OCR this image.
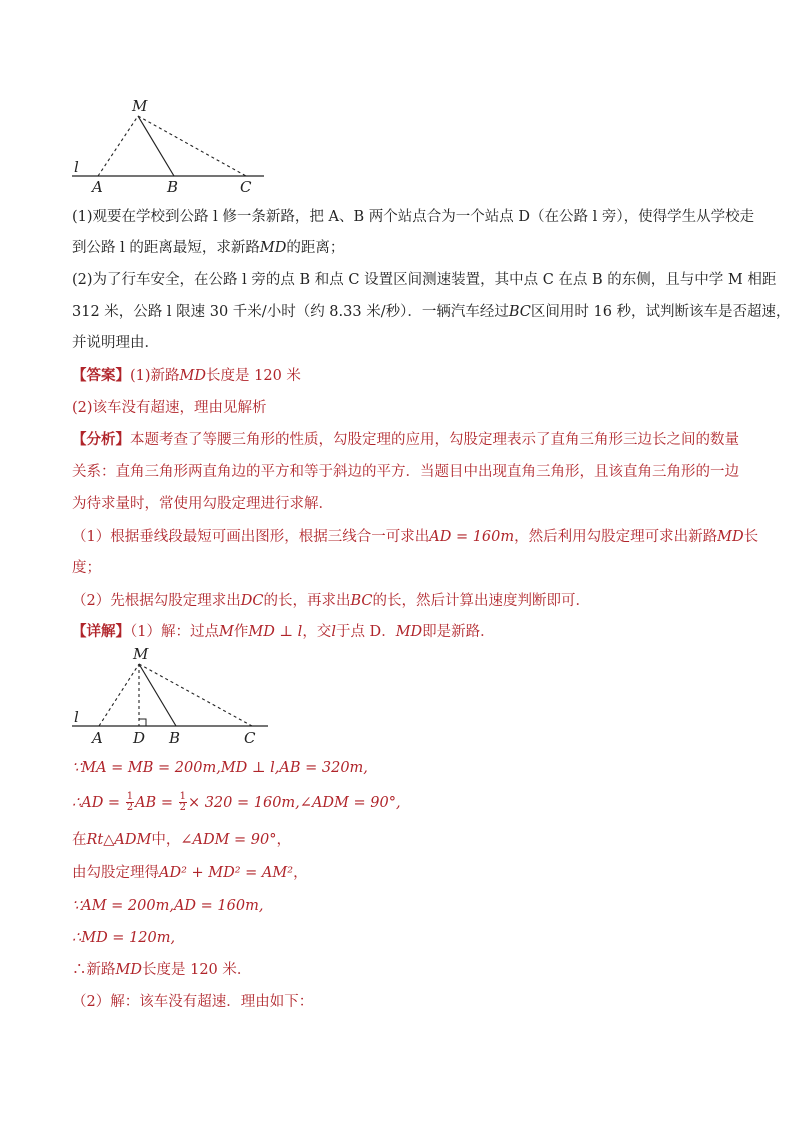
M
l
A	B	C
(1)观要在学校到公路 l 修一条新路，把 A、B 两个站点合为一个站点 D（在公路 l 旁），使得学生从学校走
到公路 l 的距离最短，求新路MD的距离；
(2)为了行车安全，在公路 l 旁的点 B 和点 C 设置区间测速装置，其中点 C 在点 B 的东侧，且与中学 M 相距
312 米，公路 l 限速 30 千米/小时（约 8.33 米/秒）．一辆汽车经过BC区间用时 16 秒，试判断该车是否超速，
并说明理由．
【答案】(1)新路MD长度是 120 米
(2)该车没有超速，理由见解析
【分析】本题考查了等腰三角形的性质，勾股定理的应用，勾股定理表示了直角三角形三边长之间的数量
关系：直角三角形两直角边的平方和等于斜边的平方．当题目中出现直角三角形，且该直角三角形的一边
为待求量时，常使用勾股定理进行求解．
（1）根据垂线段最短可画出图形，根据三线合一可求出AD = 160m，然后利用勾股定理可求出新路MD长
度；
（2）先根据勾股定理求出DC的长，再求出BC的长，然后计算出速度判断即可．
【详解】（1）解：过点M作MD ⊥ l，交l于点 D．MD即是新路．
M
l
A D B	C
∵MA = MB = 200m,MD ⊥ l,AB = 320m,
∴AD = $\frac{1}{2}$ AB = $\frac{1}{2} \times 320$ = 160m,∠ADM = 90°,
在Rt△ADM中，∠ADM = 90°，
由勾股定理得AD² + MD² = AM²，
∵AM = 200m,AD = 160m,
∴MD = 120m,
∴新路MD长度是 120 米．
（2）解：该车没有超速．理由如下：
